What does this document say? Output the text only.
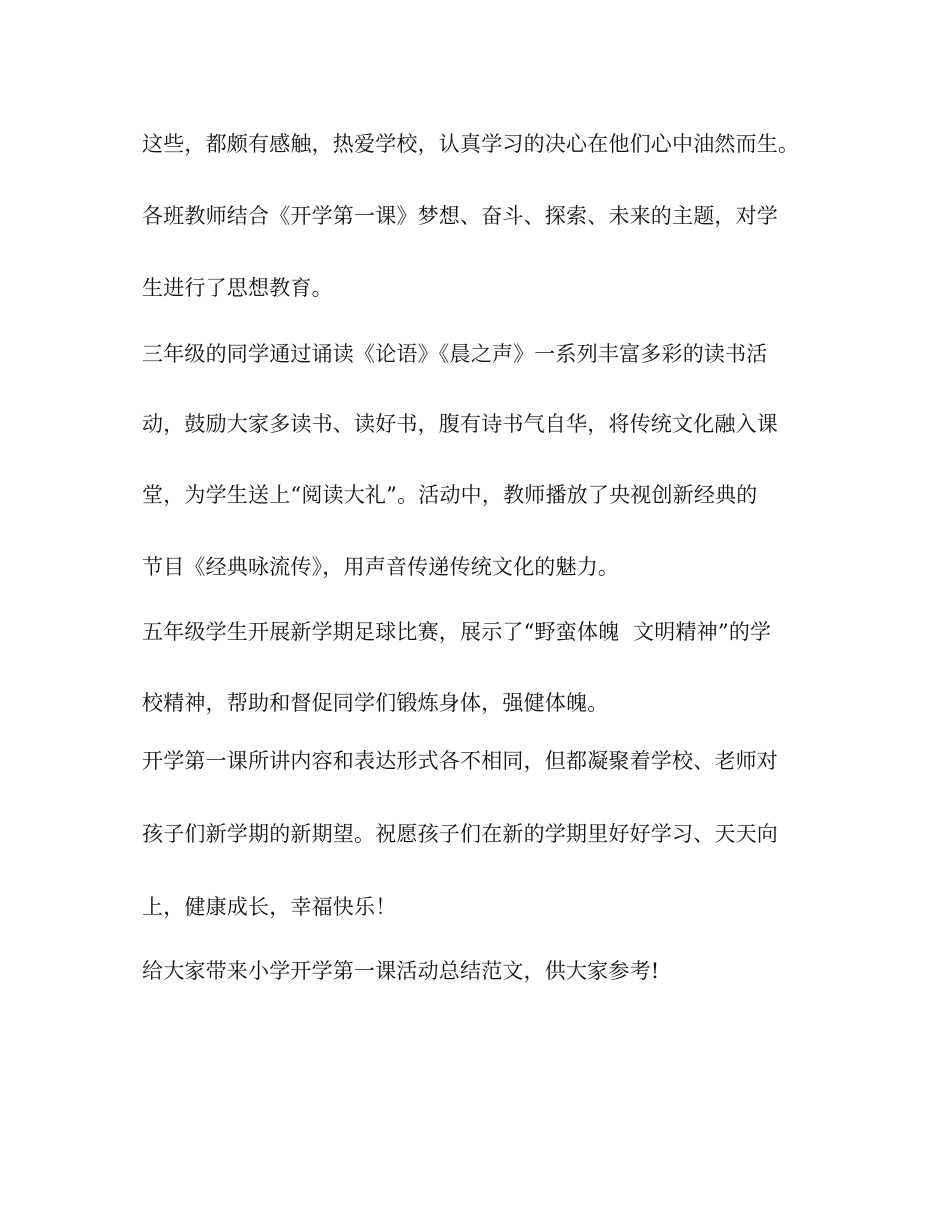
这些，都颇有感触，热爱学校，认真学习的决心在他们心中油然而生。
各班教师结合《开学第一课》梦想、奋斗、探索、未来的主题，对学
生进行了思想教育。
三年级的同学通过诵读《论语》《晨之声》一系列丰富多彩的读书活
动，鼓励大家多读书、读好书，腹有诗书气自华，将传统文化融入课
堂，为学生送上“阅读大礼”。活动中，教师播放了央视创新经典的
节目《经典咏流传》，用声音传递传统文化的魅力。
五年级学生开展新学期足球比赛，展示了“野蛮体魄  文明精神”的学
校精神，帮助和督促同学们锻炼身体，强健体魄。
开学第一课所讲内容和表达形式各不相同，但都凝聚着学校、老师对
孩子们新学期的新期望。祝愿孩子们在新的学期里好好学习、天天向
上，健康成长，幸福快乐！
给大家带来小学开学第一课活动总结范文，供大家参考!
